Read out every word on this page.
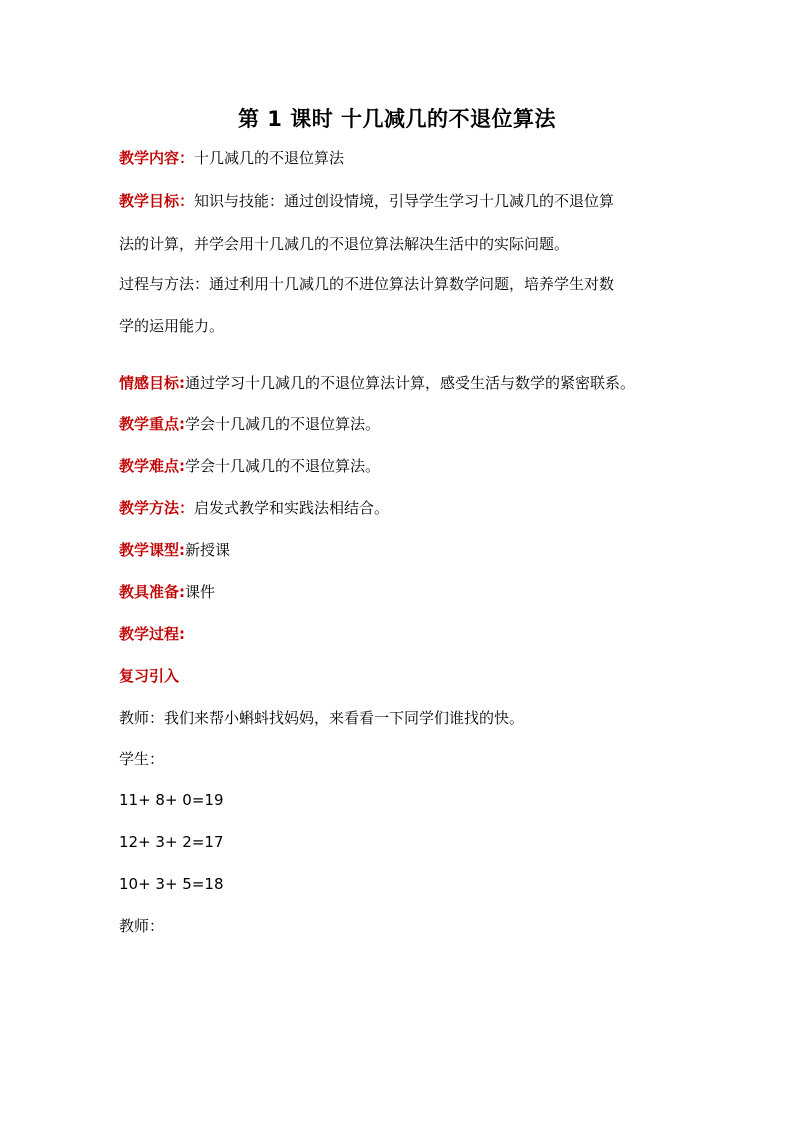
第 1 课时 十几减几的不退位算法
教学内容：十几减几的不退位算法
教学目标：知识与技能：通过创设情境，引导学生学习十几减几的不退位算
法的计算，并学会用十几减几的不退位算法解决生活中的实际问题。
过程与方法：通过利用十几减几的不进位算法计算数学问题，培养学生对数
学的运用能力。
情感目标:通过学习十几减几的不退位算法计算，感受生活与数学的紧密联系。
教学重点:学会十几减几的不退位算法。
教学难点:学会十几减几的不退位算法。
教学方法：启发式教学和实践法相结合。
教学课型:新授课
教具准备:课件
教学过程:
复习引入
教师：我们来帮小蝌蚪找妈妈，来看看一下同学们谁找的快。
学生：
11+ 8+ 0=19
12+ 3+ 2=17
10+ 3+ 5=18
教师：
